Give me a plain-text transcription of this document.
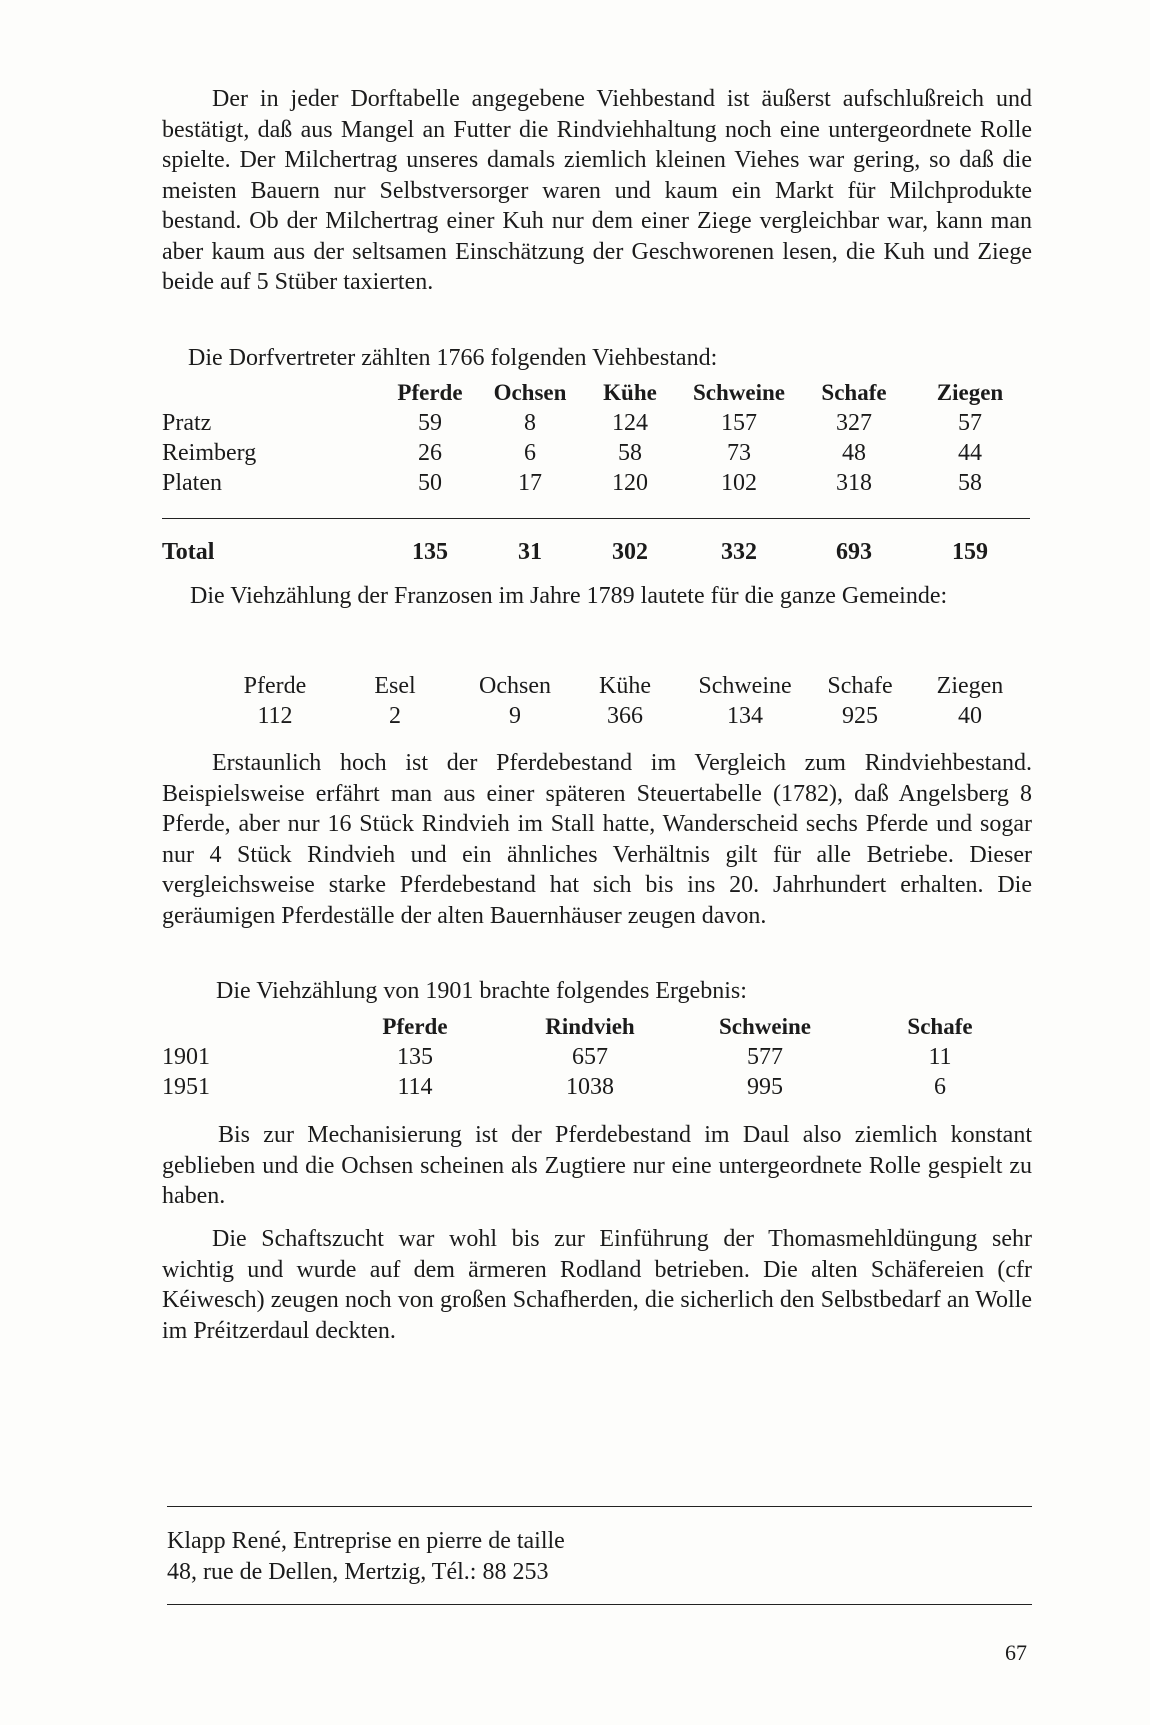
Der in jeder Dorftabelle angegebene Viehbestand ist äußerst aufschlußreich und bestätigt, daß aus Mangel an Futter die Rindviehhaltung noch eine untergeordnete Rolle spielte. Der Milchertrag unseres damals ziemlich kleinen Viehes war gering, so daß die meisten Bauern nur Selbstversorger waren und kaum ein Markt für Milchprodukte bestand. Ob der Milchertrag einer Kuh nur dem einer Ziege vergleichbar war, kann man aber kaum aus der seltsamen Einschätzung der Geschworenen lesen, die Kuh und Ziege beide auf 5 Stüber taxierten.

Die Dorfvertreter zählten 1766 folgenden Viehbestand:

	Pferde	Ochsen	Kühe	Schweine	Schafe	Ziegen
Pratz	59	8	124	157	327	57
Reimberg	26	6	58	73	48	44
Platen	50	17	120	102	318	58
Total	135	31	302	332	693	159

Die Viehzählung der Franzosen im Jahre 1789 lautete für die ganze Gemeinde:

Pferde	Esel	Ochsen	Kühe	Schweine	Schafe	Ziegen
112	2	9	366	134	925	40

Erstaunlich hoch ist der Pferdebestand im Vergleich zum Rindviehbestand. Beispielsweise erfährt man aus einer späteren Steuertabelle (1782), daß Angelsberg 8 Pferde, aber nur 16 Stück Rindvieh im Stall hatte, Wanderscheid sechs Pferde und sogar nur 4 Stück Rindvieh und ein ähnliches Verhältnis gilt für alle Betriebe. Dieser vergleichsweise starke Pferdebestand hat sich bis ins 20. Jahrhundert erhalten. Die geräumigen Pferdeställe der alten Bauernhäuser zeugen davon.

Die Viehzählung von 1901 brachte folgendes Ergebnis:

	Pferde	Rindvieh	Schweine	Schafe
1901	135	657	577	11
1951	114	1038	995	6

Bis zur Mechanisierung ist der Pferdebestand im Daul also ziemlich konstant geblieben und die Ochsen scheinen als Zugtiere nur eine untergeordnete Rolle gespielt zu haben.

Die Schaftszucht war wohl bis zur Einführung der Thomasmehldüngung sehr wichtig und wurde auf dem ärmeren Rodland betrieben. Die alten Schäfereien (cfr Kéiwesch) zeugen noch von großen Schafherden, die sicherlich den Selbstbedarf an Wolle im Préitzerdaul deckten.

Klapp René, Entreprise en pierre de taille

48, rue de Dellen, Mertzig, Tél.: 88 253

67
